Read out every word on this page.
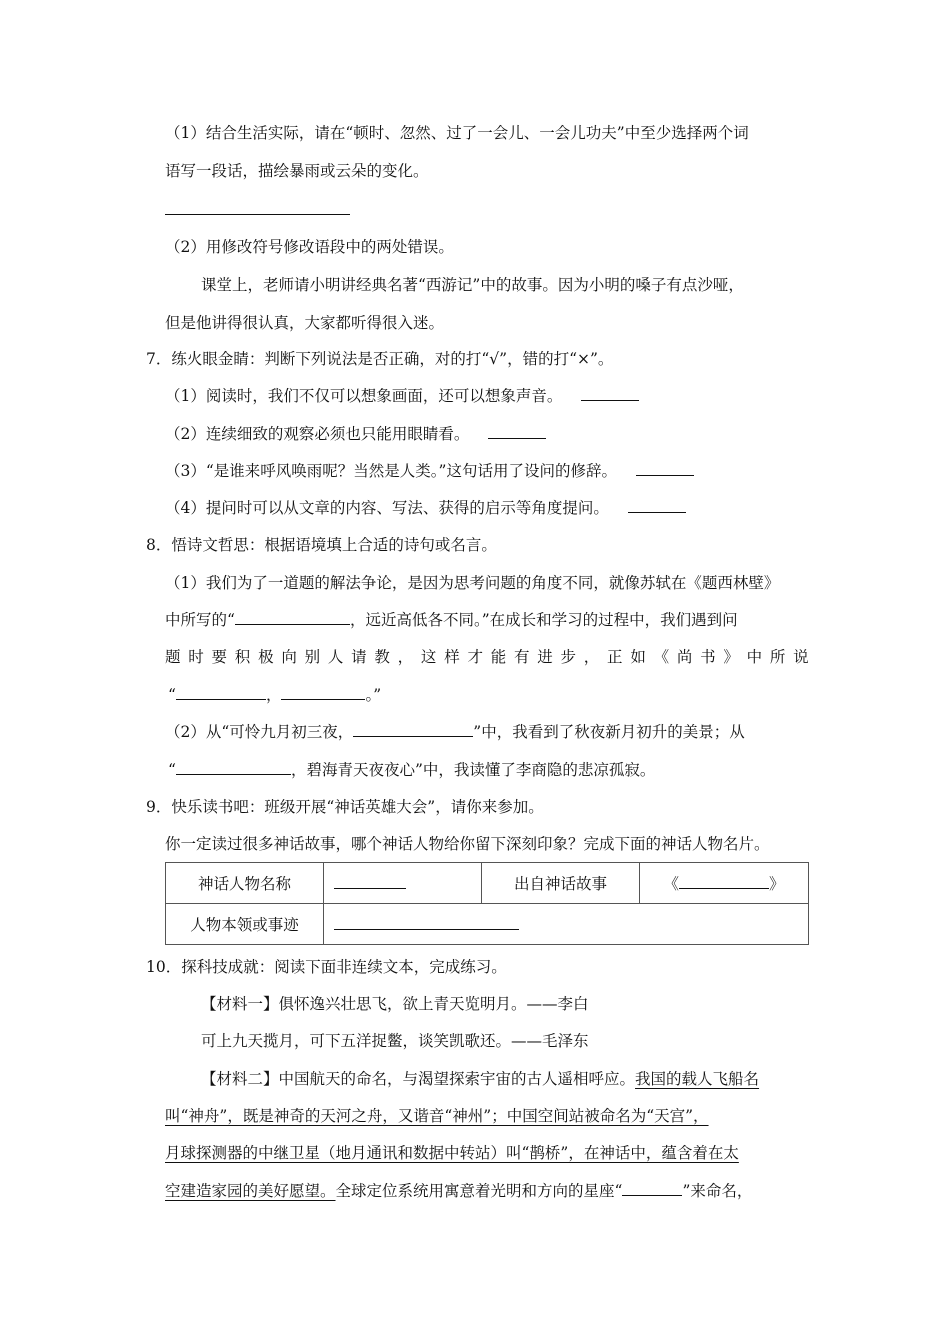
（1）结合生活实际，请在“顿时、忽然、过了一会儿、一会儿功夫”中至少选择两个词
语写一段话，描绘暴雨或云朵的变化。
（2）用修改符号修改语段中的两处错误。
课堂上，老师请小明讲经典名著“西游记”中的故事。因为小明的嗓子有点沙哑，
但是他讲得很认真，大家都听得很入迷。
7．练火眼金睛：判断下列说法是否正确，对的打“√”，错的打“×”。
（1）阅读时，我们不仅可以想象画面，还可以想象声音。
（2）连续细致的观察必须也只能用眼睛看。
（3）“是谁来呼风唤雨呢？当然是人类。”这句话用了设问的修辞。
（4）提问时可以从文章的内容、写法、获得的启示等角度提问。
8．悟诗文哲思：根据语境填上合适的诗句或名言。
（1）我们为了一道题的解法争论，是因为思考问题的角度不同，就像苏轼在《题西林壁》
中所写的“	，远近高低各不同。”在成长和学习的过程中，我们遇到问
题 时 要 积 极 向 别 人 请 教 ， 这 样 才 能 有 进 步 ， 正 如 《 尚 书 》 中 所 说
“	，	。”
（2）从“可怜九月初三夜，	”中，我看到了秋夜新月初升的美景；从
“	，碧海青天夜夜心”中，我读懂了李商隐的悲凉孤寂。
9．快乐读书吧：班级开展“神话英雄大会”，请你来参加。
你一定读过很多神话故事，哪个神话人物给你留下深刻印象？完成下面的神话人物名片。
神话人物名称		出自神话故事	《 》
人物本领或事迹			
10．探科技成就：阅读下面非连续文本，完成练习。
【材料一】俱怀逸兴壮思飞，欲上青天览明月。——李白
可上九天揽月，可下五洋捉鳖，谈笑凯歌还。——毛泽东
【材料二】中国航天的命名，与渴望探索宇宙的古人遥相呼应。我国的载人飞船名
叫“神舟”，既是神奇的天河之舟，又谐音“神州”；中国空间站被命名为“天宫”，
月球探测器的中继卫星（地月通讯和数据中转站）叫“鹊桥”，在神话中，蕴含着在太
空建造家园的美好愿望。全球定位系统用寓意着光明和方向的星座“	”来命名，
